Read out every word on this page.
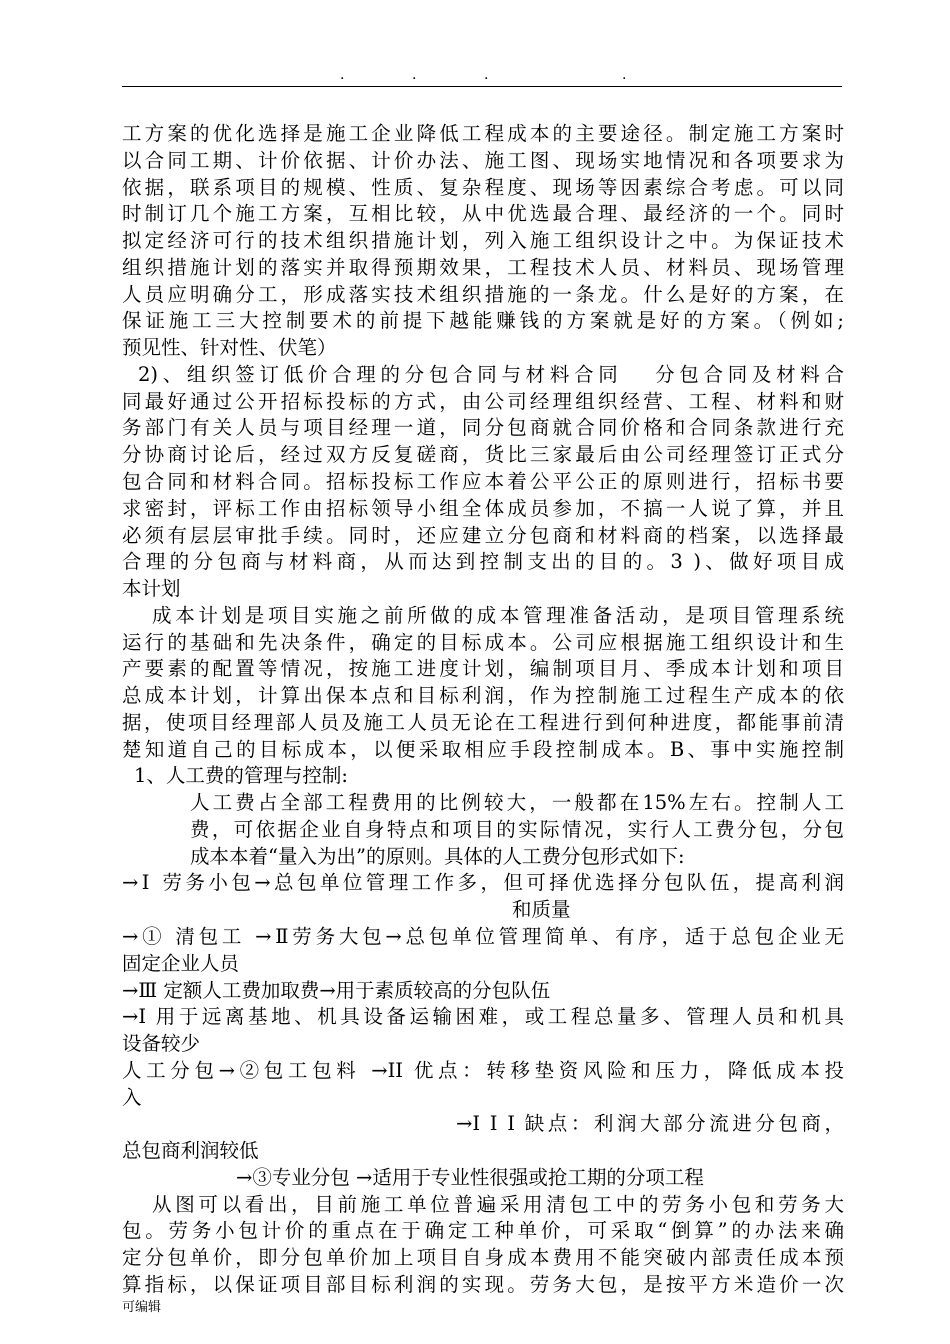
.	.	.	.
工方案的优化选择是施工企业降低工程成本的主要途径。制定施工方案时
以合同工期、计价依据、计价办法、施工图、现场实地情况和各项要求为
依据，联系项目的规模、性质、复杂程度、现场等因素综合考虑。可以同
时制订几个施工方案，互相比较，从中优选最合理、最经济的一个。同时
拟定经济可行的技术组织措施计划，列入施工组织设计之中。为保证技术
组织措施计划的落实并取得预期效果，工程技术人员、材料员、现场管理
人员应明确分工，形成落实技术组织措施的一条龙。什么是好的方案，在
保证施工三大控制要术的前提下越能赚钱的方案就是好的方案。（例如;
预见性、针对性、伏笔）
2)、组织签订低价合理的分包合同与材料合同 分包合同及材料合
同最好通过公开招标投标的方式，由公司经理组织经营、工程、材料和财
务部门有关人员与项目经理一道，同分包商就合同价格和合同条款进行充
分协商讨论后，经过双方反复磋商，货比三家最后由公司经理签订正式分
包合同和材料合同。招标投标工作应本着公平公正的原则进行，招标书要
求密封，评标工作由招标领导小组全体成员参加，不搞一人说了算，并且
必须有层层审批手续。同时，还应建立分包商和材料商的档案，以选择最
合理的分包商与材料商，从而达到控制支出的目的。3 )、做好项目成
本计划
成本计划是项目实施之前所做的成本管理准备活动，是项目管理系统
运行的基础和先决条件，确定的目标成本。公司应根据施工组织设计和生
产要素的配置等情况，按施工进度计划，编制项目月、季成本计划和项目
总成本计划，计算出保本点和目标利润，作为控制施工过程生产成本的依
据，使项目经理部人员及施工人员无论在工程进行到何种进度，都能事前清
楚知道自己的目标成本，以便采取相应手段控制成本。B、事中实施控制
1、人工费的管理与控制:
人工费占全部工程费用的比例较大，一般都在15%左右。控制人工
费，可依据企业自身特点和项目的实际情况，实行人工费分包，分包
成本本着“量入为出”的原则。具体的人工费分包形式如下:
→Ⅰ 劳务小包→总包单位管理工作多，但可择优选择分包队伍，提高利润
和质量
→① 清包工 →Ⅱ劳务大包→总包单位管理简单、有序，适于总包企业无
固定企业人员
→Ⅲ 定额人工费加取费→用于素质较高的分包队伍
→I 用于远离基地、机具设备运输困难，或工程总量多、管理人员和机具
设备较少
人工分包→②包工包料 →II 优点：转移垫资风险和压力，降低成本投
入
→I I I 缺点：利润大部分流进分包商，
总包商利润较低
→③专业分包 →适用于专业性很强或抢工期的分项工程
从图可以看出，目前施工单位普遍采用清包工中的劳务小包和劳务大
包。劳务小包计价的重点在于确定工种单价，可采取“倒算”的办法来确
定分包单价，即分包单价加上项目自身成本费用不能突破内部责任成本预
算指标，以保证项目部目标利润的实现。劳务大包，是按平方米造价一次
可编辑
